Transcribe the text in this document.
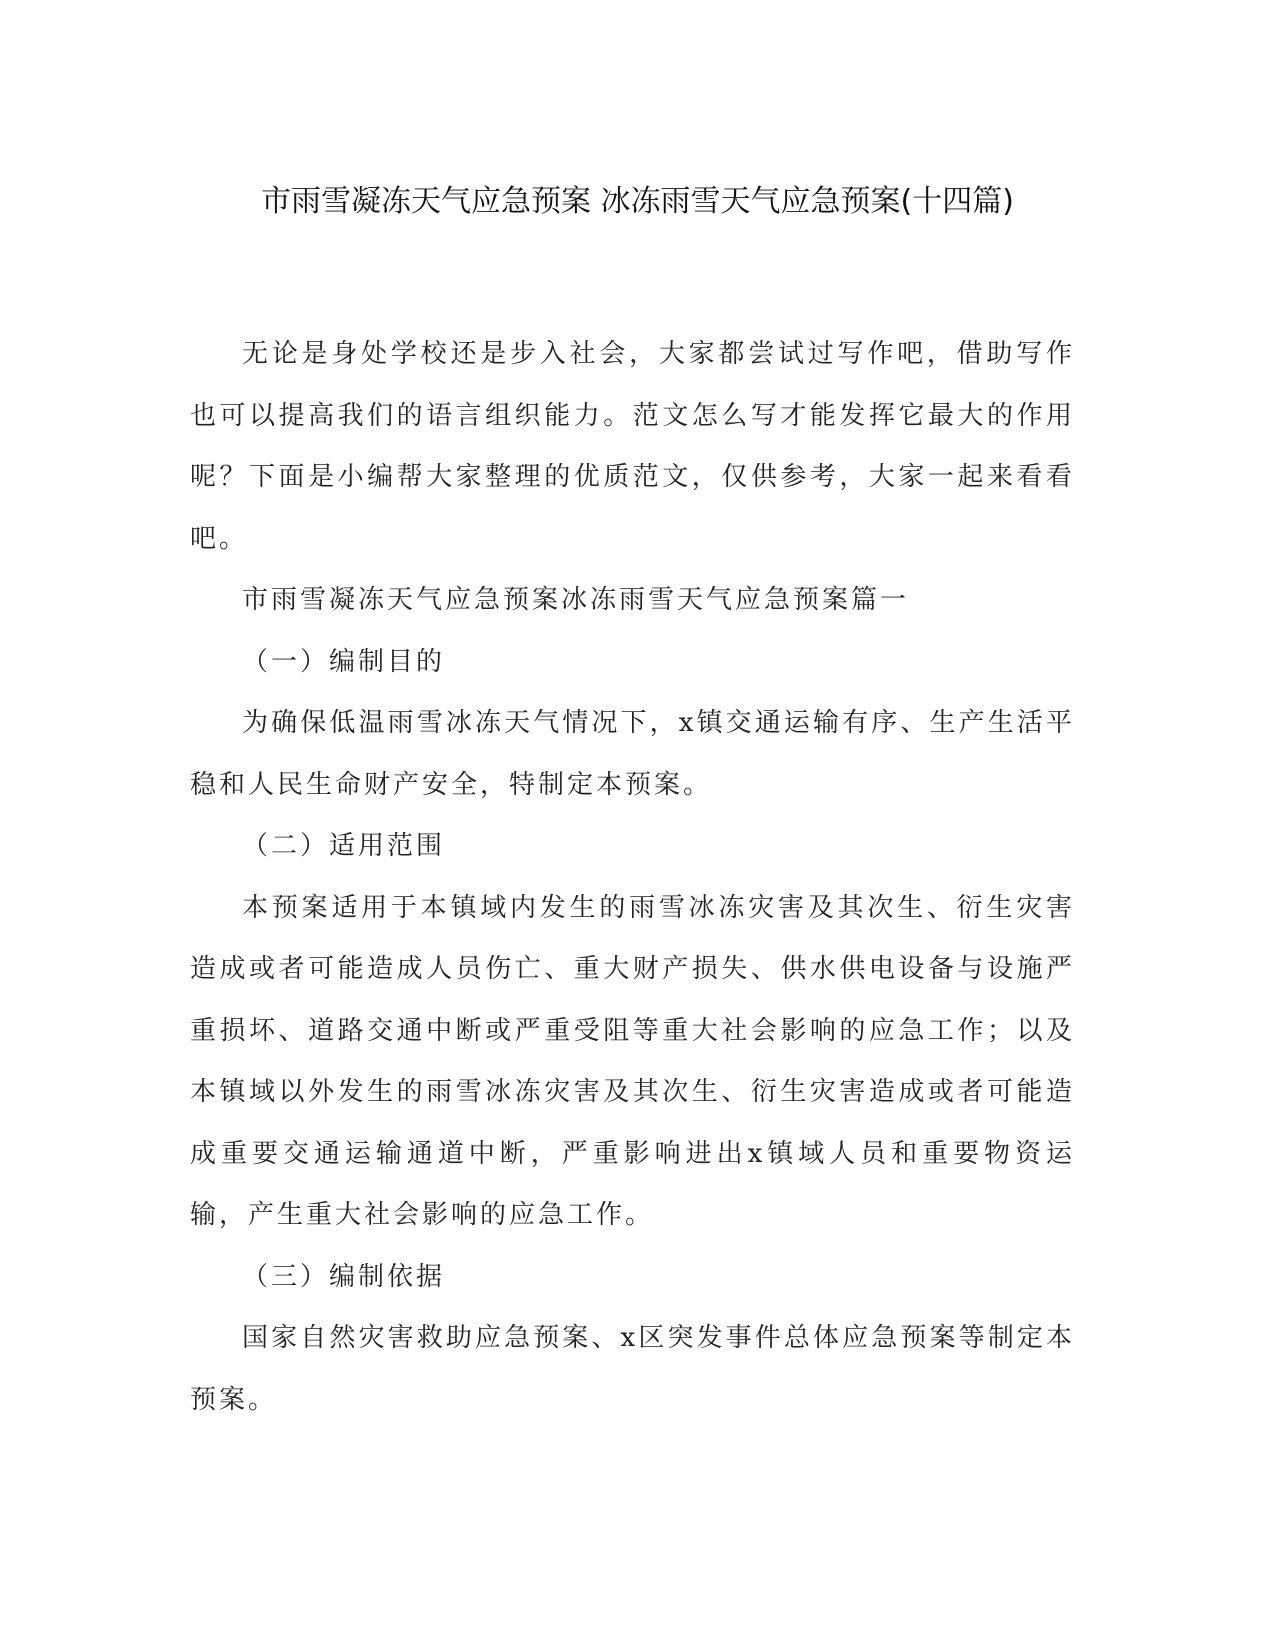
市雨雪凝冻天气应急预案 冰冻雨雪天气应急预案(十四篇)

无论是身处学校还是步入社会，大家都尝试过写作吧，借助写作也可以提高我们的语言组织能力。范文怎么写才能发挥它最大的作用呢？下面是小编帮大家整理的优质范文，仅供参考，大家一起来看看吧。

市雨雪凝冻天气应急预案冰冻雨雪天气应急预案篇一

（一）编制目的

为确保低温雨雪冰冻天气情况下，x镇交通运输有序、生产生活平稳和人民生命财产安全，特制定本预案。

（二）适用范围

本预案适用于本镇域内发生的雨雪冰冻灾害及其次生、衍生灾害造成或者可能造成人员伤亡、重大财产损失、供水供电设备与设施严重损坏、道路交通中断或严重受阻等重大社会影响的应急工作；以及本镇域以外发生的雨雪冰冻灾害及其次生、衍生灾害造成或者可能造成重要交通运输通道中断，严重影响进出x镇域人员和重要物资运输，产生重大社会影响的应急工作。

（三）编制依据

国家自然灾害救助应急预案、x区突发事件总体应急预案等制定本预案。
